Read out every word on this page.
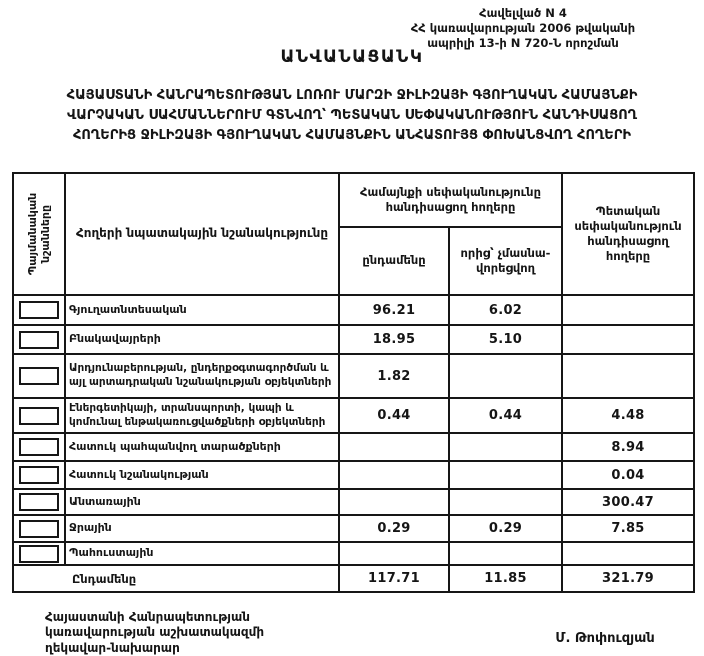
Հավելված N 4
ՀՀ կառավարության 2006 թվականի
ապրիլի 13-ի N 720-Ն որոշման
ԱՆՎԱՆԱՑԱՆԿ
ՀԱՅԱՍՏԱՆԻ ՀԱՆՐԱՊԵՏՈՒԹՅԱՆ ԼՈՌՈՒ ՄԱՐԶԻ ՋԻԼԻԶԱՅԻ ԳՅՈՒՂԱԿԱՆ ՀԱՄԱՅՆՔԻ
ՎԱՐՉԱԿԱՆ ՍԱՀՄԱՆՆԵՐՈՒՄ ԳՏՆՎՈՂ՝ ՊԵՏԱԿԱՆ ՍԵՓԱԿԱՆՈՒԹՅՈՒՆ ՀԱՆԴԻՍԱՑՈՂ
ՀՈՂԵՐԻՑ ՋԻԼԻԶԱՅԻ ԳՅՈՒՂԱԿԱՆ ՀԱՄԱՅՆՔԻՆ ԱՆՀԱՏՈՒՅՑ ՓՈԽԱՆՑՎՈՂ ՀՈՂԵՐԻ
Պայմանական նշանները	Հողերի նպատակային նշանակությունը	Համայնքի սեփականությունը հանդիսացող հողերը		Պետական սեփականություն հանդիսացող հողերը
		ընդամենը	որից՝ չմասնա-վորեցվող	

	Գյուղատնտեսական	96.21	6.02	

	Բնակավայրերի	18.95	5.10	

	Արդյունաբերության, ընդերքօգտագործման և այլ արտադրական նշանակության օբյեկտների	1.82		

	Էներգետիկայի, տրանսպորտի, կապի և կոմունալ ենթակառուցվածքների օբյեկտների	0.44	0.44	4.48

	Հատուկ պահպանվող տարածքների			8.94

	Հատուկ նշանակության			0.04

	Անտառային			300.47

	Ջրային	0.29	0.29	7.85

	Պահուստային			
Ընդամենը		117.71	11.85	321.79
Հայաստանի Հանրապետության
կառավարության աշխատակազմի
ղեկավար-նախարար
Մ. Թոփուզյան
